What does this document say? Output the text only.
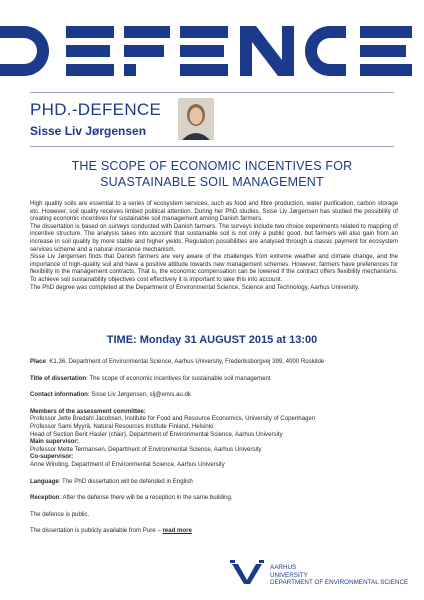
PHD.-DEFENCE
Sisse Liv Jørgensen
THE SCOPE OF ECONOMIC INCENTIVES FOR
SUASTAINABLE SOIL MANAGEMENT

High quality soils are essential to a series of ecosystem services, such as food and fibre production, water purification, carbon storage etc. However, soil quality receives limited political attention. During her PhD studies, Sisse Liv Jørgensen has studied the possibility of creating economic incentives for sustainable soil management among Danish farmers.

The dissertation is based on surveys conducted with Danish farmers. The surveys include two choice experiments related to mapping of incentive structure. The analysis takes into account that sustainable soil is not only a public good, but farmers will also gain from an increase in soil quality by more stable and higher yields. Regulation possibilities are analysed through a classic payment for ecosystem services scheme and a natural insurance mechanism.

Sisse Liv Jørgensen finds that Danish farmers are very aware of the challenges from extreme weather and climate change, and the importance of high-quality soil and have a positive attitude towards new management schemes. However, farmers have preferences for flexibility in the management contracts. That is, the economic compensation can be lowered if the contract offers flexibility mechanisms. To achieve soil sustainability objectives cost effectively it is important to take this into account.

The PhD degree was completed at the Department of Environmental Science, Science and Technology, Aarhus University.

TIME: Monday 31 AUGUST 2015 at 13:00
Place: K1.36, Department of Environmental Science, Aarhus University, Frederiksborgvej 399, 4000 Roskilde
Title of dissertation: The scope of economic incentives for sustainable soil management
Contact information: Sisse Liv Jørgensen, slj@envs.au.dk
Members of the assessment committee:
Professor Jette Bredahl Jacobsen, Institute for Food and Resource Economics, University of Copenhagen
Professor Sami Myyrä, Natural Resources Institute Finland, Helsinki
Head of Section Berit Hasler (chair), Department of Environmental Science, Aarhus University
Main supervisor:
Professor Mette Termansen, Department of Environmental Science, Aarhus University
Co-supervisor:
Anne Winding, Department of Environmental Science, Aarhus University
Language: The PhD dissertation will be defended in English
Reception: After the defense there will be a reception in the same building.
The defence is public.
The dissertation is publicly available from Pure – read more
AARHUS
UNIVERSITY
DEPARTMENT OF ENVIRONMENTAL SCIENCE
